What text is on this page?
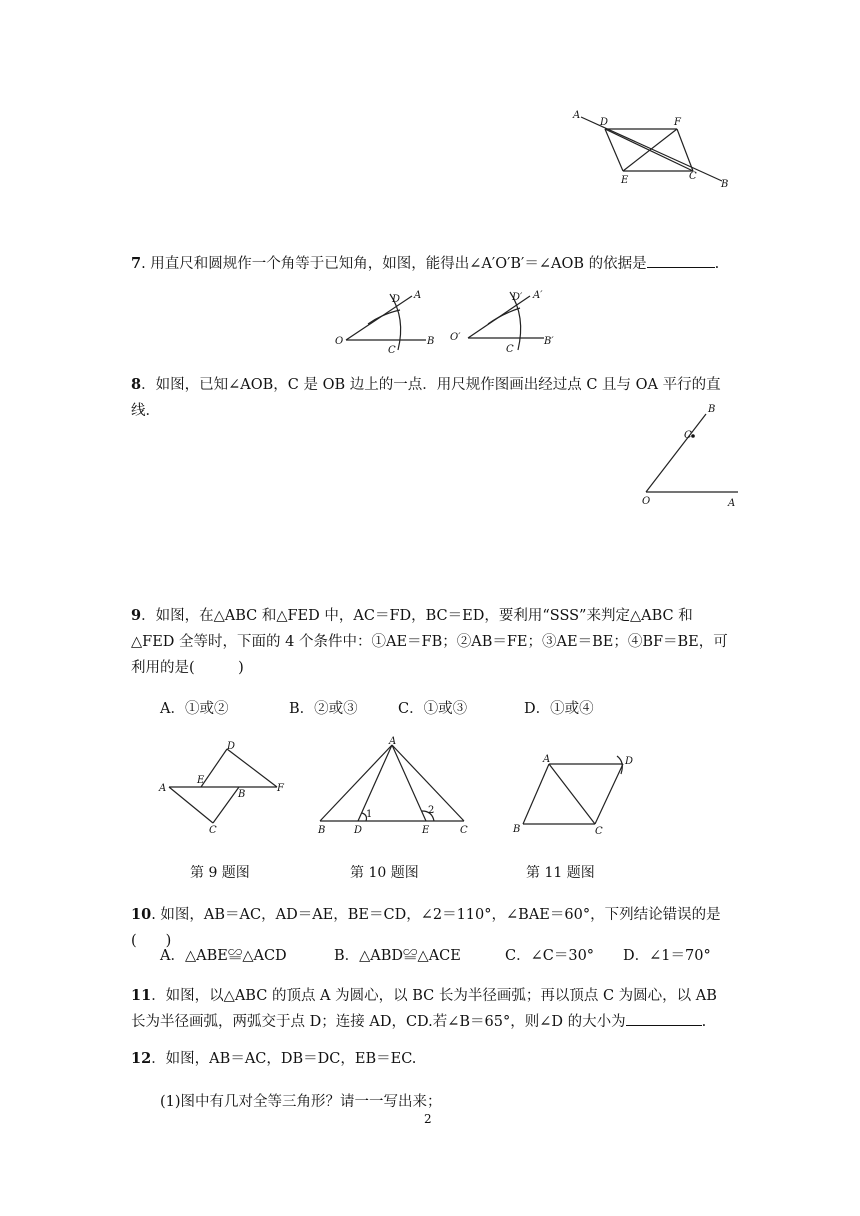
A
D	F
E	C
B
7. 用直尺和圆规作一个角等于已知角，如图，能得出∠A′O′B′＝∠AOB 的依据是	.
O
D A
C
B O′
D′ A′
C
B′
8．如图，已知∠AOB，C 是 OB 边上的一点．用尺规作图画出经过点 C 且与 OA 平行的直线．	B
C
O	A
9．如图，在△ABC 和△FED 中，AC＝FD，BC＝ED，要利用“SSS”来判定△ABC 和△FED 全等时，下面的 4 个条件中：①AE＝FB；②AB＝FE；③AE＝BE；④BF＝BE，可利用的是(　　　)
A．①或②	B．②或③	C．①或③	D．①或④
D
E
A
B
F
C
A
B	D	E	C
1	2
A	D
B	C
第 9 题图	第 10 题图	第 11 题图
10. 如图，AB＝AC，AD＝AE，BE＝CD，∠2＝110°，∠BAE＝60°，下列结论错误的是(　　)
A．△ABE≌△ACD	B．△ABD≌△ACE	C．∠C＝30° D．∠1＝70°
11．如图，以△ABC 的顶点 A 为圆心，以 BC 长为半径画弧；再以顶点 C 为圆心，以 AB 长为半径画弧，两弧交于点 D；连接 AD，CD.若∠B＝65°，则∠D 的大小为	.
12．如图，AB＝AC，DB＝DC，EB＝EC.
(1)图中有几对全等三角形？请一一写出来；
2
